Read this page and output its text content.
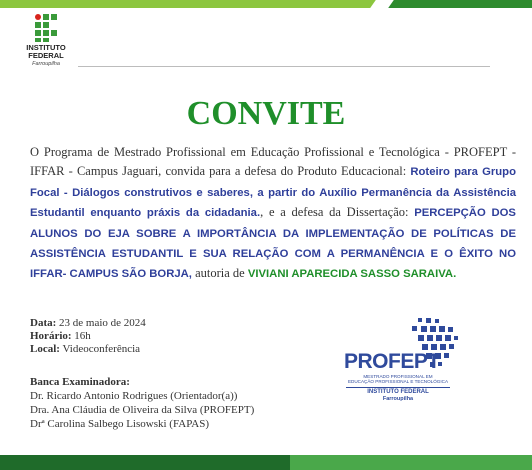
INSTITUTO
FEDERAL
Farroupilha
CONVITE

O Programa de Mestrado Profissional em Educação Profissional e Tecnológica - PROFEPT - IFFAR - Campus Jaguari, convida para a defesa do Produto Educacional: Roteiro para Grupo Focal - Diálogos construtivos e saberes, a partir do Auxílio Permanência da Assistência Estudantil enquanto práxis da cidadania., e a defesa da Dissertação: PERCEPÇÃO DOS ALUNOS DO EJA SOBRE A IMPORTÂNCIA DA IMPLEMENTAÇÃO DE POLÍTICAS DE ASSISTÊNCIA ESTUDANTIL E SUA RELAÇÃO COM A PERMANÊNCIA E O ÊXITO NO IFFAR- CAMPUS SÃO BORJA, autoria de VIVIANI APARECIDA SASSO SARAIVA.

Data: 23 de maio de 2024
Horário: 16h
Local: Videoconferência
Banca Examinadora:
Dr. Ricardo Antonio Rodrigues (Orientador(a))
Dra. Ana Cláudia de Oliveira da Silva (PROFEPT)
Drª Carolina Salbego Lisowski (FAPAS)
PROFEPT
MESTRADO PROFISSIONAL EM
EDUCAÇÃO PROFISSIONAL E TECNOLÓGICA
INSTITUTO FEDERAL
Farroupilha
